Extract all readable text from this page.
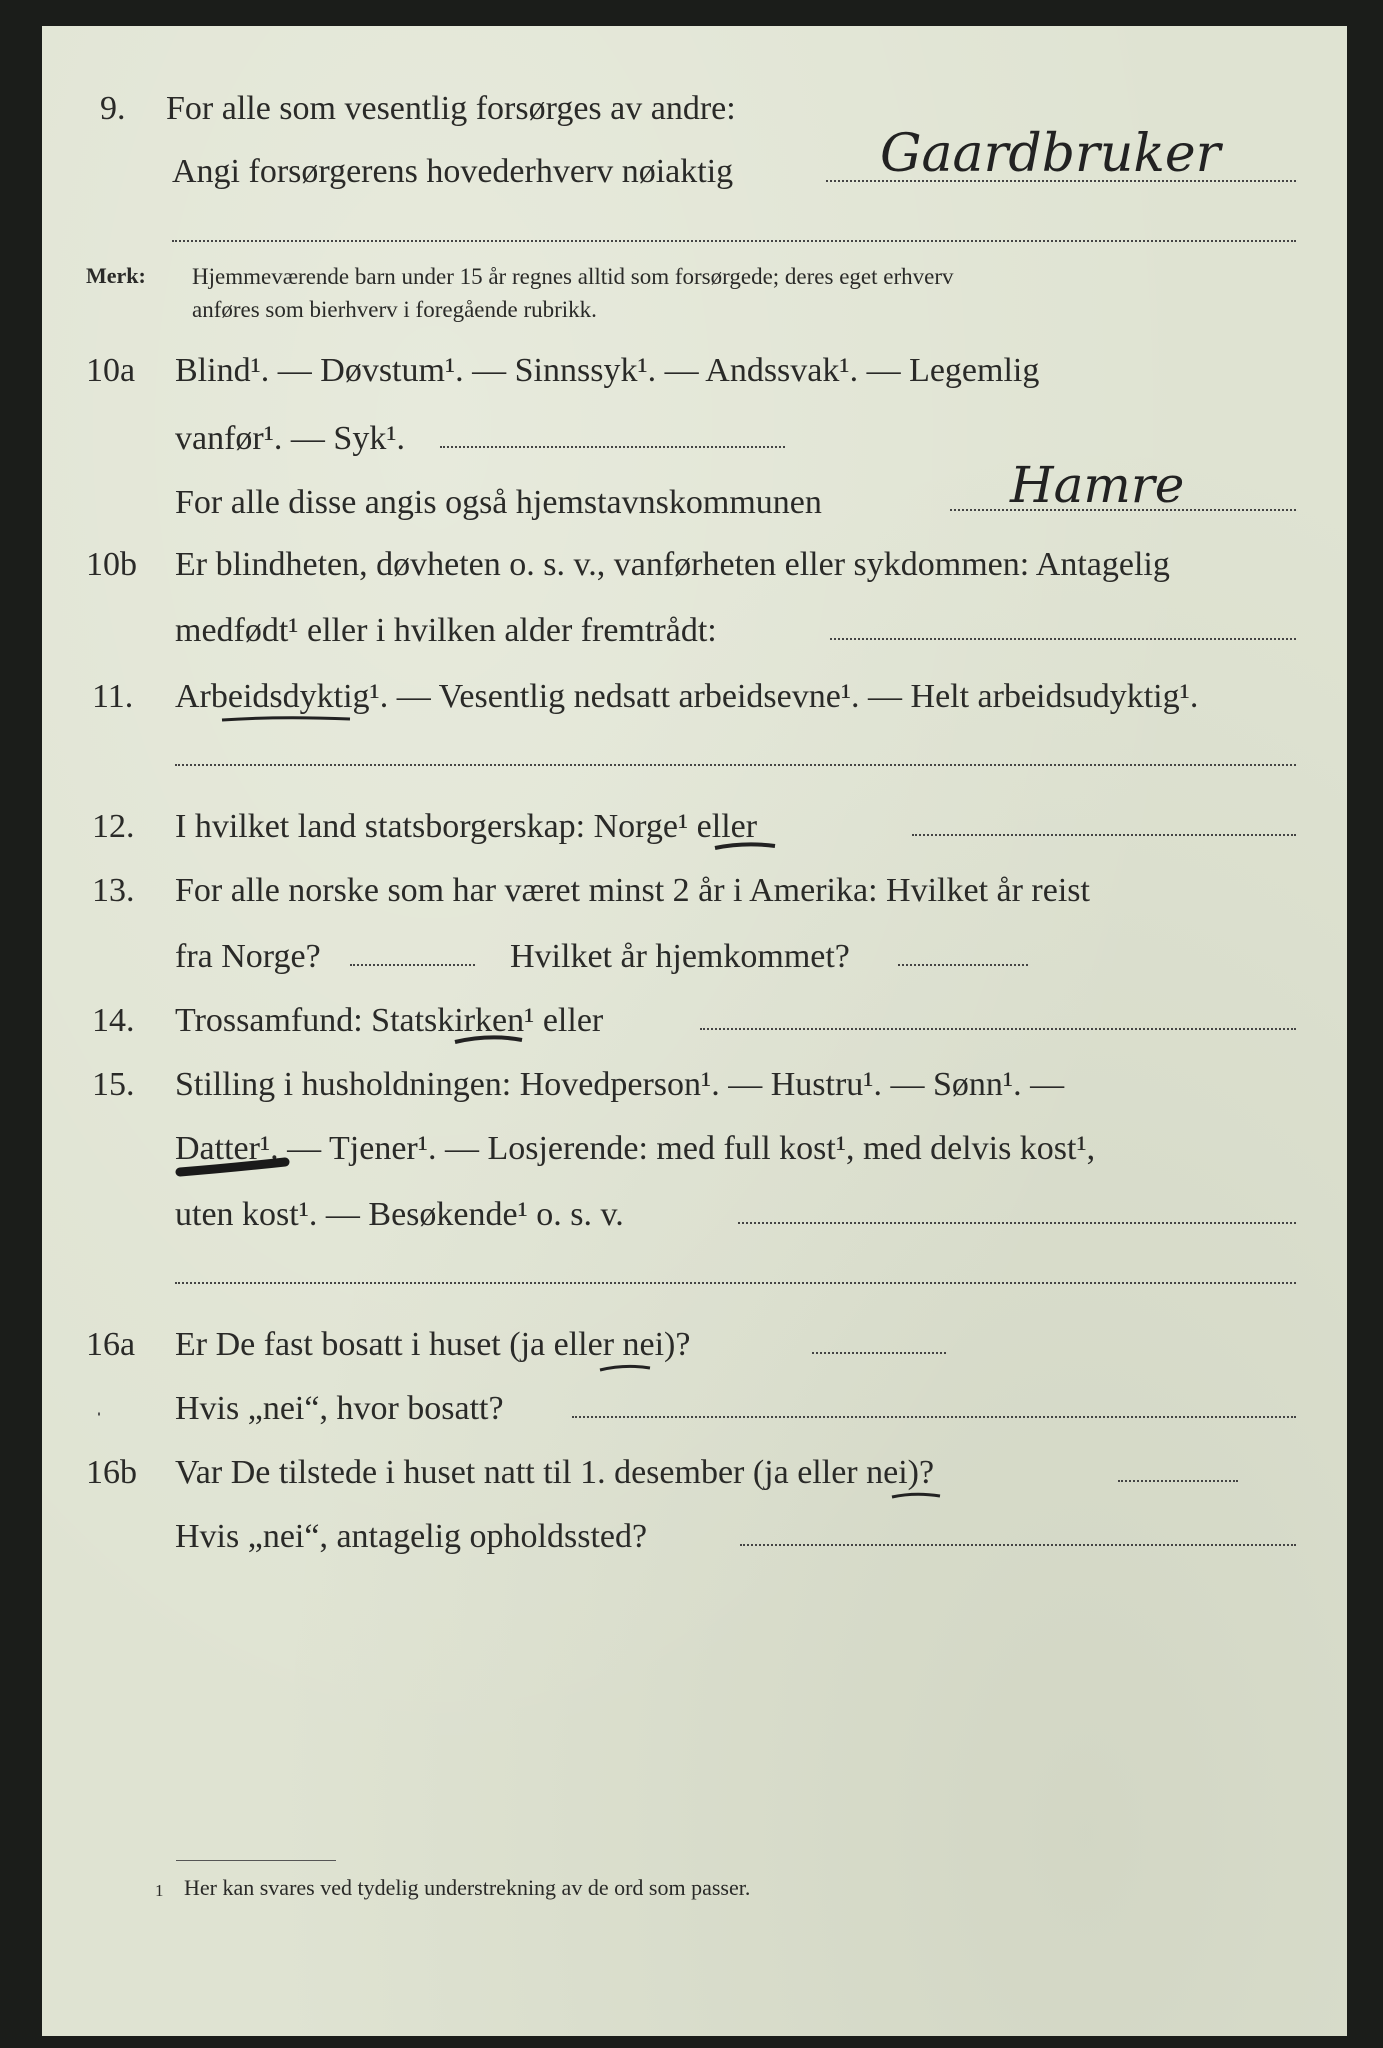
9. For alle som vesentlig forsørges av andre:
Angi forsørgerens hovederhverv nøiaktig	Gaardbruker
Merk: Hjemmeværende barn under 15 år regnes alltid som forsørgede; deres eget erhverv
anføres som bierhverv i foregående rubrikk.
10a Blind¹. — Døvstum¹. — Sinnssyk¹. — Andssvak¹. — Legemlig
vanfør¹. — Syk¹.
For alle disse angis også hjemstavnskommunen	Hamre
10b Er blindheten, døvheten o. s. v., vanførheten eller sykdommen: Antagelig
medfødt¹ eller i hvilken alder fremtrådt:
11. Arbeidsdyktig¹. — Vesentlig nedsatt arbeidsevne¹. — Helt arbeidsudyktig¹.
12. I hvilket land statsborgerskap: Norge¹ eller
13. For alle norske som har været minst 2 år i Amerika: Hvilket år reist
fra Norge?	Hvilket år hjemkommet?
14. Trossamfund: Statskirken¹ eller
15. Stilling i husholdningen: Hovedperson¹. — Hustru¹. — Sønn¹. —
Datter¹. — Tjener¹. — Losjerende: med full kost¹, med delvis kost¹,
uten kost¹. — Besøkende¹ o. s. v.
16a Er De fast bosatt i huset (ja eller nei)?
Hvis „nei“, hvor bosatt?
16b Var De tilstede i huset natt til 1. desember (ja eller nei)?
Hvis „nei“, antagelig opholdssted?
1 Her kan svares ved tydelig understrekning av de ord som passer.
